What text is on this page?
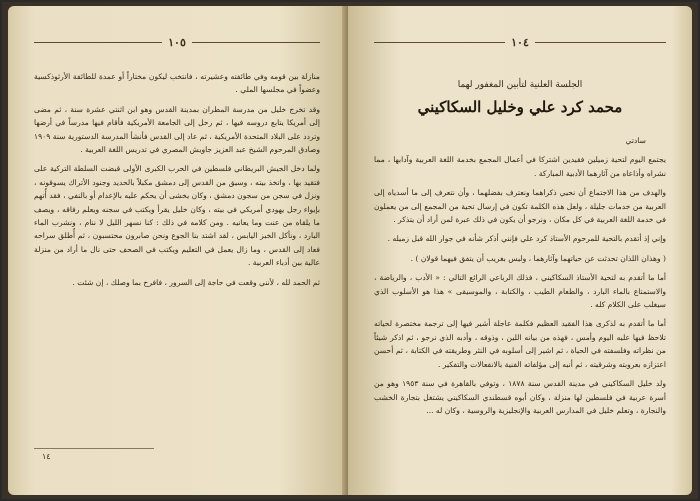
١٠٥

منازلة بين قومه وفي طائفته وعشيرته ، فانتخب ليكون مختاراً أو عمدة للطائفة الأرثوذكسية وعضواً في مجلسها الملي .

وقد تخرج خليل من مدرسة المطران بمدينة القدس وهو ابن اثنتي عشرة سنة ، ثم مضى إلى أمريكا يتابع دروسه فيها ، ثم رحل إلى الجامعة الأمريكية فأقام فيها مدرساً في أرضها وتردد على البلاد المتحدة الأمريكية ، ثم عاد إلى القدس فأنشأ المدرسة الدستورية سنة ١٩٠٩ وصادق المرحوم الشيخ عبد العزيز جاويش المصري في تدريس اللغة العربية .

ولما دخل الجيش البريطاني فلسطين في الحرب الكبرى الأولى قبضت السلطة التركية على فتقيد بها ، واتخذ بيته ، وسيق من القدس إلى دمشق مكبلاً بالحديد وجنود الأتراك يسوقونه ، ونزل في سجن من سجون دمشق ، وكان يخشى أن يحكم عليه بالإعدام أو بالنفي ، فقد أُتهم بإيواء رجل يهودي أمريكي في بيته ، وكان خليل يقرأ ويكتب في سجنه ويعلم رفاقه ، ويصف ما يلقاه من عنت وما يعانيه . ومن كلامه في ذلك : كنا نسهر الليل لا ننام ، ونشرب الماء البارد ، ونأكل الخبز اليابس ، لقد اشتد بنا الجوع ونحن صابرون محتسبون ، ثم أُطلق سراحه فعاد إلى القدس ، وما زال يعمل في التعليم ويكتب في الصحف حتى نال ما أراد من منزلة عالية بين أدباء العربية .

ثم الحمد لله ، لأنني وقعت في حاجة إلى السرور ، فافرح بما وصلك ، إن شئت .

١٤
١٠٤
الجلسة العلنية لتأبين المغفور لهما
محمد كرد علي وخليل السكاكيني

سادتي

يجتمع اليوم لتحية زميلين فقيدين اشتركا في أعمال المجمع بخدمة اللغة العربية وآدابها ، مما نشراه وأذاعاه من آثارهما الأدبية المباركة .

والهدف من هذا الاجتماع أن نحيي ذكراهما ونعترف بفضلهما ، وأن نتعرف إلى ما أسدياه إلى العربية من خدمات جليلة ، ولعل هذه الكلمة تكون في إرسال تحية من المجمع إلى من يعملون في خدمة اللغة العربية في كل مكان ، ونرجو أن يكون في ذلك عبرة لمن أراد أن يتذكر .

وإني إذ أتقدم بالتحية للمرحوم الأستاذ كرد علي فإنني أذكر شأنه في جوار الله قبل زميله .

( وهذان اللذان تحدثت عن حياتهما وآثارهما ، وليس بغريب أن يتفق فيهما قولان ) .

أما ما أتقدم به لتحية الأستاذ السكاكيني ، فذلك الرباعي الرائع التالي : « الأدب ، والرياضة ، والاستمتاع بالماء البارد ، والطعام الطيب ، والكتابة ، والموسيقى » هذا هو الأسلوب الذي سيغلب على الكلام كله .

أما ما أتقدم به لذكرى هذا الفقيد العظيم فكلمة عاجلة أشير فيها إلى ترجمة مختصرة لحياته تلاحظ فيها عليه اليوم وأمس ، فهذه من بيانه اللين ، وذوقه ، وأدبه الذي نرجو ، ثم اذكر شيئاً من نظراته وفلسفته في الحياة ، ثم اشير إلى أسلوبه في النثر وطريقته في الكتابة ، ثم أحسن اعتزازه بعروبته وشرقيته ، ثم أنبه إلى مؤلفاته الفنية بالانفعالات والتفكير .

ولد خليل السكاكيني في مدينة القدس سنة ١٨٧٨ ، وتوفي بالقاهرة في سنة ١٩٥٣ وهو من أسرة عربية في فلسطين لها منزلة ، وكان أبوه قسطندي السكاكيني يشتغل بتجارة الخشب والنجارة ، وتعلم خليل في المدارس العربية والإنجليزية والروسية ، وكان له ...
